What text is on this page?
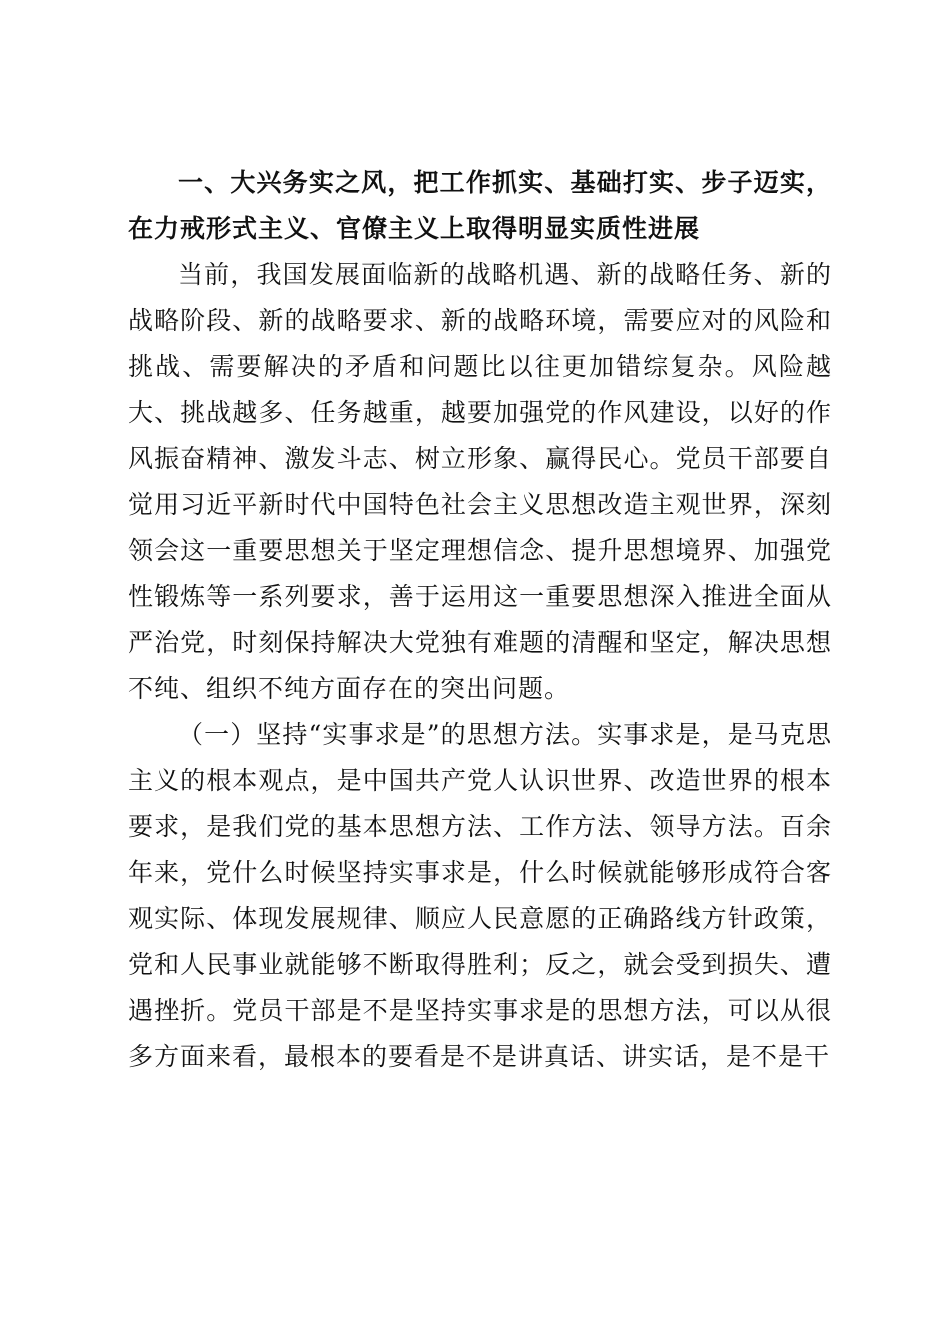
一、大兴务实之风，把工作抓实、基础打实、步子迈实，在力戒形式主义、官僚主义上取得明显实质性进展

当前，我国发展面临新的战略机遇、新的战略任务、新的战略阶段、新的战略要求、新的战略环境，需要应对的风险和挑战、需要解决的矛盾和问题比以往更加错综复杂。风险越大、挑战越多、任务越重，越要加强党的作风建设，以好的作风振奋精神、激发斗志、树立形象、赢得民心。党员干部要自觉用习近平新时代中国特色社会主义思想改造主观世界，深刻领会这一重要思想关于坚定理想信念、提升思想境界、加强党性锻炼等一系列要求，善于运用这一重要思想深入推进全面从严治党，时刻保持解决大党独有难题的清醒和坚定，解决思想不纯、组织不纯方面存在的突出问题。

（一）坚持“实事求是”的思想方法。实事求是，是马克思主义的根本观点，是中国共产党人认识世界、改造世界的根本要求，是我们党的基本思想方法、工作方法、领导方法。百余年来，党什么时候坚持实事求是，什么时候就能够形成符合客观实际、体现发展规律、顺应人民意愿的正确路线方针政策，党和人民事业就能够不断取得胜利；反之，就会受到损失、遭遇挫折。党员干部是不是坚持实事求是的思想方法，可以从很多方面来看，最根本的要看是不是讲真话、讲实话，是不是干
